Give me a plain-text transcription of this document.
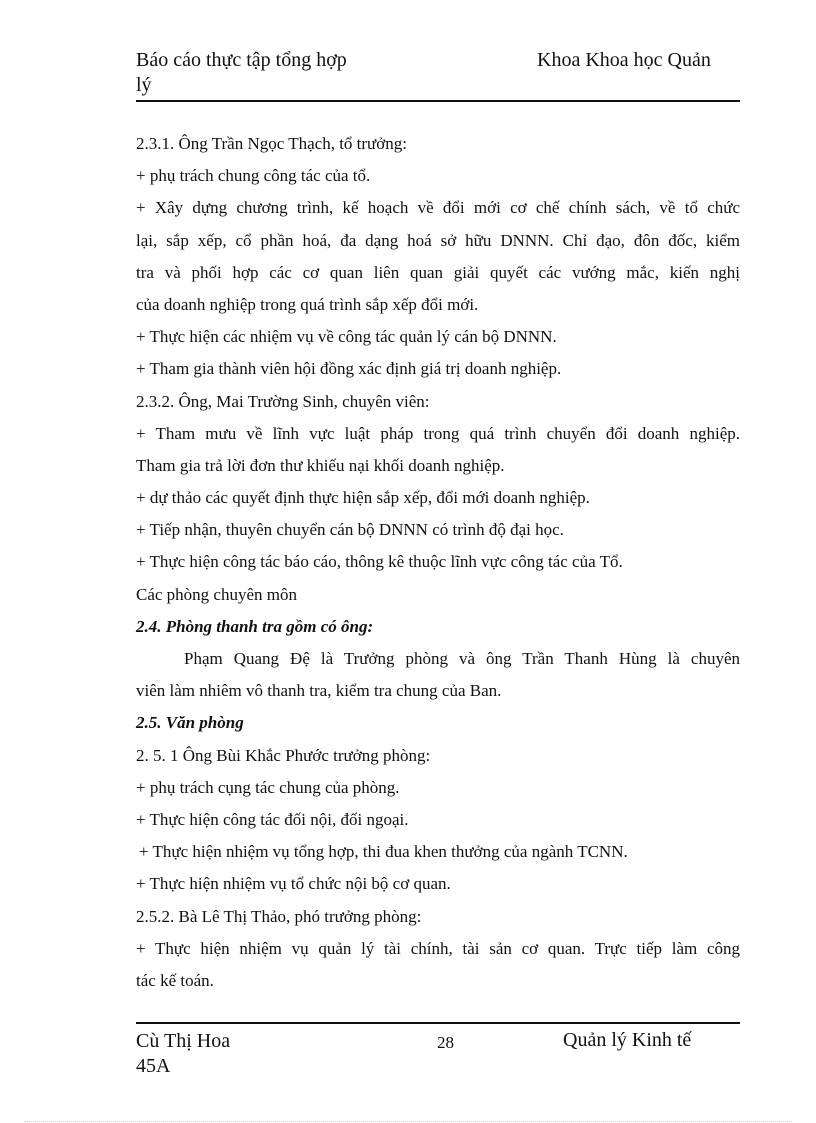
Báo cáo thực tập tổng hợp
lý
Khoa Khoa học Quản
2.3.1. Ông Trần Ngọc Thạch, tổ trưởng:
+ phụ trách chung công tác của tổ.
+ Xây dựng chương trình, kế hoạch về đổi mới cơ chế chính sách, về tổ chức
lại, sắp xếp, cổ phần hoá, đa dạng hoá sở hữu DNNN. Chỉ đạo, đôn đốc, kiểm
tra và phối hợp các cơ quan liên quan giải quyết các vướng mắc, kiến nghị
của doanh nghiệp trong quá trình sắp xếp đổi mới.
+ Thực hiện các nhiệm vụ về công tác quản lý cán bộ DNNN.
+ Tham gia thành viên hội đồng xác định giá trị doanh nghiệp.
2.3.2. Ông, Mai Trường Sinh, chuyên viên:
+ Tham mưu về lĩnh vực luật pháp trong quá trình chuyển đổi doanh nghiệp.
Tham gia trả lời đơn thư khiếu nại khối doanh nghiệp.
+ dự thảo các quyết định thực hiện sắp xếp, đổi mới doanh nghiệp.
+ Tiếp nhận, thuyên chuyển cán bộ DNNN có trình độ đại học.
+ Thực hiện công tác báo cáo, thông kê thuộc lĩnh vực công tác của Tổ.
Các phòng chuyên môn
2.4. Phòng thanh tra gồm có ông:
Phạm Quang Đệ là Trưởng phòng và ông Trần Thanh Hùng là chuyên
viên làm nhiêm vô thanh tra, kiểm tra chung của Ban.
2.5. Văn phòng
2. 5. 1 Ông Bùi Khắc Phước trưởng phòng:
+ phụ trách cụng tác chung của phòng.
+ Thực hiện công tác đối nội, đối ngoại.
+ Thực hiện nhiệm vụ tổng hợp, thi đua khen thưởng của ngành TCNN.
+ Thực hiện nhiệm vụ tổ chức nội bộ cơ quan.
2.5.2. Bà Lê Thị Thảo, phó trưởng phòng:
+ Thực hiện nhiệm vụ quản lý tài chính, tài sản cơ quan. Trực tiếp làm công
tác kế toán.
Cù Thị Hoa
45A
28	Quản lý Kinh tế
